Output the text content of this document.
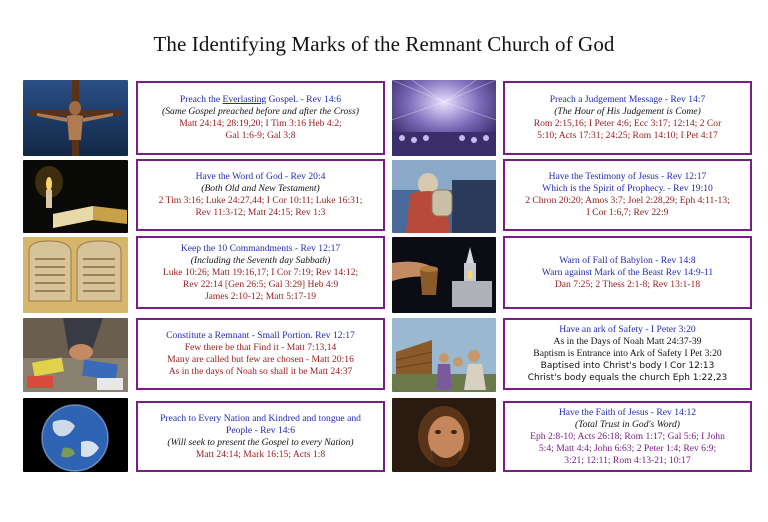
The Identifying Marks of the Remnant Church of God
Preach the Everlasting Gospel. - Rev 14:6
(Same Gospel preached before and after the Cross)
Matt 24:14; 28:19,20; I Tim 3:16 Heb 4:2;
Gal 1:6-9; Gal 3:8
Have the Word of God - Rev 20:4
(Both Old and New Testament)
2 Tim 3:16; Luke 24:27,44; I Cor 10:11; Luke 16:31;
Rev 11:3-12; Matt 24:15; Rev 1:3
Keep the 10 Commandments - Rev 12:17
(Including the Seventh day Sabbath)
Luke 10:26; Matt 19:16,17; I Cor 7:19; Rev 14:12;
Rev 22:14 [Gen 26:5; Gal 3:29] Heb 4:9
James 2:10-12; Matt 5:17-19
Constitute a Remnant - Small Portion. Rev 12:17
Few there be that Find it - Matt 7:13,14
Many are called but few are chosen - Matt 20:16
As in the days of Noah so shall it be Matt 24:37
Preach to Every Nation and Kindred and tongue and
People - Rev 14:6
(Will seek to present the Gospel to every Nation)
Matt 24:14; Mark 16:15; Acts 1:8
Preach a Judgement Message - Rev 14:7
(The Hour of His Judgement is Come)
Rom 2:15,16; I Peter 4:6; Ecc 3:17; 12:14; 2 Cor
5:10; Acts 17:31; 24:25; Rom 14:10; I Pet 4:17
Have the Testimony of Jesus - Rev 12:17
Which is the Spirit of Prophecy. - Rev 19:10
2 Chron 20:20; Amos 3:7; Joel 2:28,29; Eph 4:11-13;
I Cor 1:6,7; Rev 22:9
Warn of Fall of Babylon - Rev 14:8
Warn against Mark of the Beast Rev 14:9-11
Dan 7:25; 2 Thess 2:1-8; Rev 13:1-18
Have an ark of Safety - I Peter 3:20
As in the Days of Noah Matt 24:37-39
Baptism is Entrance into Ark of Safety I Pet 3:20
Baptised into Christ's body I Cor 12:13
Christ's body equals the church Eph 1:22,23
Have the Faith of Jesus - Rev 14:12
(Total Trust in God's Word)
Eph 2:8-10; Acts 26:18; Rom 1:17; Gal 5:6; I John
5:4; Matt 4:4; John 6:63; 2 Peter 1:4; Rev 6:9;
3:21; 12:11; Rom 4:13-21; 10:17
